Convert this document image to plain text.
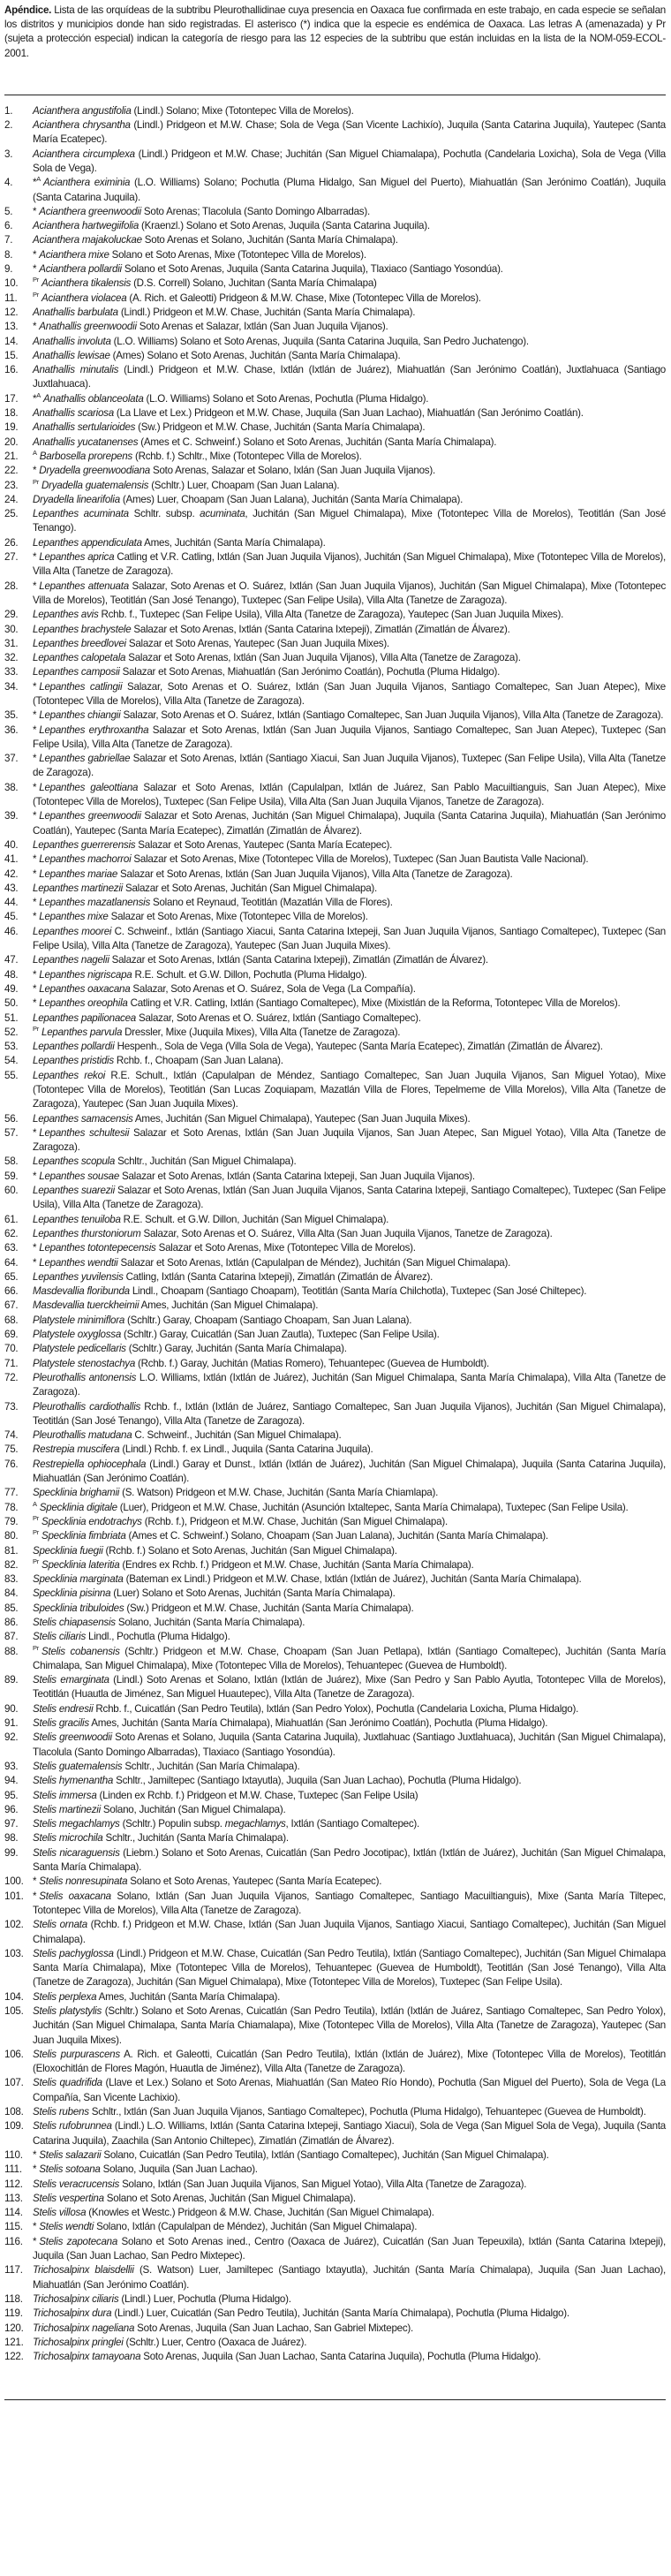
Apéndice. Lista de las orquídeas de la subtribu Pleurothallidinae cuya presencia en Oaxaca fue confirmada en este trabajo, en cada especie se señalan los distritos y municipios donde han sido registradas. El asterisco (*) indica que la especie es endémica de Oaxaca. Las letras A (amenazada) y Pr (sujeta a protección especial) indican la categoría de riesgo para las 12 especies de la subtribu que están incluidas en la lista de la NOM-059-ECOL-2001.

1.	Acianthera angustifolia (Lindl.) Solano; Mixe (Totontepec Villa de Morelos).
2.	Acianthera chrysantha (Lindl.) Pridgeon et M.W. Chase; Sola de Vega (San Vicente Lachixío), Juquila (Santa Catarina Juquila), Yautepec (Santa María Ecatepec).
3.	Acianthera circumplexa (Lindl.) Pridgeon et M.W. Chase; Juchitán (San Miguel Chiamalapa), Pochutla (Candelaria Loxicha), Sola de Vega (Villa Sola de Vega).
4.	*$^A$ Acianthera eximinia (L.O. Williams) Solano; Pochutla (Pluma Hidalgo, San Miguel del Puerto), Miahuatlán (San Jerónimo Coatlán), Juquila (Santa Catarina Juquila).
5.	* Acianthera greenwoodii Soto Arenas; Tlacolula (Santo Domingo Albarradas).
6.	Acianthera hartwegiifolia (Kraenzl.) Solano et Soto Arenas, Juquila (Santa Catarina Juquila).
7.	Acianthera majakoluckae Soto Arenas et Solano, Juchitán (Santa María Chimalapa).
8.	* Acianthera mixe Solano et Soto Arenas, Mixe (Totontepec Villa de Morelos).
9.	* Acianthera pollardii Solano et Soto Arenas, Juquila (Santa Catarina Juquila), Tlaxiaco (Santiago Yosondúa).
10.	$^{Pr}$ Acianthera tikalensis (D.S. Correll) Solano, Juchitan (Santa María Chimalapa)
11.	$^{Pr}$ Acianthera violacea (A. Rich. et Galeotti) Pridgeon & M.W. Chase, Mixe (Totontepec Villa de Morelos).
12.	Anathallis barbulata (Lindl.) Pridgeon et M.W. Chase, Juchitán (Santa María Chimalapa).
13.	* Anathallis greenwoodii Soto Arenas et Salazar, Ixtlán (San Juan Juquila Vijanos).
14.	Anathallis involuta (L.O. Williams) Solano et Soto Arenas, Juquila (Santa Catarina Juquila, San Pedro Juchatengo).
15.	Anathallis lewisae (Ames) Solano et Soto Arenas, Juchitán (Santa María Chimalapa).
16.	Anathallis minutalis (Lindl.) Pridgeon et M.W. Chase, Ixtlán (Ixtlán de Juárez), Miahuatlán (San Jerónimo Coatlán), Juxtlahuaca (Santiago Juxtlahuaca).
17.	*$^A$ Anathallis oblanceolata (L.O. Williams) Solano et Soto Arenas, Pochutla (Pluma Hidalgo).
18.	Anathallis scariosa (La Llave et Lex.) Pridgeon et M.W. Chase, Juquila (San Juan Lachao), Miahuatlán (San Jerónimo Coatlán).
19.	Anathallis sertularioides (Sw.) Pridgeon et M.W. Chase, Juchitán (Santa María Chimalapa).
20.	Anathallis yucatanenses (Ames et C. Schweinf.) Solano et Soto Arenas, Juchitán (Santa María Chimalapa).
21.	$^A$ Barbosella prorepens (Rchb. f.) Schltr., Mixe (Totontepec Villa de Morelos).
22.	* Dryadella greenwoodiana Soto Arenas, Salazar et Solano, Ixlán (San Juan Juquila Vijanos).
23.	$^{Pr}$ Dryadella guatemalensis (Schltr.) Luer, Choapam (San Juan Lalana).
24.	Dryadella linearifolia (Ames) Luer, Choapam (San Juan Lalana), Juchitán (Santa María Chimalapa).
25.	Lepanthes acuminata Schltr. subsp. acuminata, Juchitán (San Miguel Chimalapa), Mixe (Totontepec Villa de Morelos), Teotitlán (San José Tenango).
26.	Lepanthes appendiculata Ames, Juchitán (Santa María Chimalapa).
27.	* Lepanthes aprica Catling et V.R. Catling, Ixtlán (San Juan Juquila Vijanos), Juchitán (San Miguel Chimalapa), Mixe (Totontepec Villa de Morelos), Villa Alta (Tanetze de Zaragoza).
28.	* Lepanthes attenuata Salazar, Soto Arenas et O. Suárez, Ixtlán (San Juan Juquila Vijanos), Juchitán (San Miguel Chimalapa), Mixe (Totontepec Villa de Morelos), Teotitlán (San José Tenango), Tuxtepec (San Felipe Usila), Villa Alta (Tanetze de Zaragoza).
29.	Lepanthes avis Rchb. f., Tuxtepec (San Felipe Usila), Villa Alta (Tanetze de Zaragoza), Yautepec (San Juan Juquila Mixes).
30.	Lepanthes brachystele Salazar et Soto Arenas, Ixtlán (Santa Catarina Ixtepeji), Zimatlán (Zimatlán de Álvarez).
31.	Lepanthes breedlovei Salazar et Soto Arenas, Yautepec (San Juan Juquila Mixes).
32.	Lepanthes calopetala Salazar et Soto Arenas, Ixtlán (San Juan Juquila Vijanos), Villa Alta (Tanetze de Zaragoza).
33.	Lepanthes camposii Salazar et Soto Arenas, Miahuatlán (San Jerónimo Coatlán), Pochutla (Pluma Hidalgo).
34.	* Lepanthes catlingii Salazar, Soto Arenas et O. Suárez, Ixtlán (San Juan Juquila Vijanos, Santiago Comaltepec, San Juan Atepec), Mixe (Totontepec Villa de Morelos), Villa Alta (Tanetze de Zaragoza).
35.	* Lepanthes chiangii Salazar, Soto Arenas et O. Suárez, Ixtlán (Santiago Comaltepec, San Juan Juquila Vijanos), Villa Alta (Tanetze de Zaragoza).
36.	* Lepanthes erythroxantha Salazar et Soto Arenas, Ixtlán (San Juan Juquila Vijanos, Santiago Comaltepec, San Juan Atepec), Tuxtepec (San Felipe Usila), Villa Alta (Tanetze de Zaragoza).
37.	* Lepanthes gabriellae Salazar et Soto Arenas, Ixtlán (Santiago Xiacui, San Juan Juquila Vijanos), Tuxtepec (San Felipe Usila), Villa Alta (Tanetze de Zaragoza).
38.	* Lepanthes galeottiana Salazar et Soto Arenas, Ixtlán (Capulalpan, Ixtlán de Juárez, San Pablo Macuiltianguis, San Juan Atepec), Mixe (Totontepec Villa de Morelos), Tuxtepec (San Felipe Usila), Villa Alta (San Juan Juquila Vijanos, Tanetze de Zaragoza).
39.	* Lepanthes greenwoodii Salazar et Soto Arenas, Juchitán (San Miguel Chimalapa), Juquila (Santa Catarina Juquila), Miahuatlán (San Jerónimo Coatlán), Yautepec (Santa María Ecatepec), Zimatlán (Zimatlán de Álvarez).
40.	Lepanthes guerrerensis Salazar et Soto Arenas, Yautepec (Santa María Ecatepec).
41.	* Lepanthes machorroi Salazar et Soto Arenas, Mixe (Totontepec Villa de Morelos), Tuxtepec (San Juan Bautista Valle Nacional).
42.	* Lepanthes mariae Salazar et Soto Arenas, Ixtlán (San Juan Juquila Vijanos), Villa Alta (Tanetze de Zaragoza).
43.	Lepanthes martinezii Salazar et Soto Arenas, Juchitán (San Miguel Chimalapa).
44.	* Lepanthes mazatlanensis Solano et Reynaud, Teotitlán (Mazatlán Villa de Flores).
45.	* Lepanthes mixe Salazar et Soto Arenas, Mixe (Totontepec Villa de Morelos).
46.	Lepanthes moorei C. Schweinf., Ixtlán (Santiago Xiacui, Santa Catarina Ixtepeji, San Juan Juquila Vijanos, Santiago Comaltepec), Tuxtepec (San Felipe Usila), Villa Alta (Tanetze de Zaragoza), Yautepec (San Juan Juquila Mixes).
47.	Lepanthes nagelii Salazar et Soto Arenas, Ixtlán (Santa Catarina Ixtepeji), Zimatlán (Zimatlán de Álvarez).
48.	* Lepanthes nigriscapa R.E. Schult. et G.W. Dillon, Pochutla (Pluma Hidalgo).
49.	* Lepanthes oaxacana Salazar, Soto Arenas et O. Suárez, Sola de Vega (La Compañía).
50.	* Lepanthes oreophila Catling et V.R. Catling, Ixtlán (Santiago Comaltepec), Mixe (Mixistlán de la Reforma, Totontepec Villa de Morelos).
51.	Lepanthes papilionacea Salazar, Soto Arenas et O. Suárez, Ixtlán (Santiago Comaltepec).
52.	$^{Pr}$ Lepanthes parvula Dressler, Mixe (Juquila Mixes), Villa Alta (Tanetze de Zaragoza).
53.	Lepanthes pollardii Hespenh., Sola de Vega (Villa Sola de Vega), Yautepec (Santa María Ecatepec), Zimatlán (Zimatlán de Álvarez).
54.	Lepanthes pristidis Rchb. f., Choapam (San Juan Lalana).
55.	Lepanthes rekoi R.E. Schult., Ixtlán (Capulalpan de Méndez, Santiago Comaltepec, San Juan Juquila Vijanos, San Miguel Yotao), Mixe (Totontepec Villa de Morelos), Teotitlán (San Lucas Zoquiapam, Mazatlán Villa de Flores, Tepelmeme de Villa Morelos), Villa Alta (Tanetze de Zaragoza), Yautepec (San Juan Juquila Mixes).
56.	Lepanthes samacensis Ames, Juchitán (San Miguel Chimalapa), Yautepec (San Juan Juquila Mixes).
57.	* Lepanthes schultesii Salazar et Soto Arenas, Ixtlán (San Juan Juquila Vijanos, San Juan Atepec, San Miguel Yotao), Villa Alta (Tanetze de Zaragoza).
58.	Lepanthes scopula Schltr., Juchitán (San Miguel Chimalapa).
59.	* Lepanthes sousae Salazar et Soto Arenas, Ixtlán (Santa Catarina Ixtepeji, San Juan Juquila Vijanos).
60.	Lepanthes suarezii Salazar et Soto Arenas, Ixtlán (San Juan Juquila Vijanos, Santa Catarina Ixtepeji, Santiago Comaltepec), Tuxtepec (San Felipe Usila), Villa Alta (Tanetze de Zaragoza).
61.	Lepanthes tenuiloba R.E. Schult. et G.W. Dillon, Juchitán (San Miguel Chimalapa).
62.	Lepanthes thurstoniorum Salazar, Soto Arenas et O. Suárez, Villa Alta (San Juan Juquila Vijanos, Tanetze de Zaragoza).
63.	* Lepanthes totontepecensis Salazar et Soto Arenas, Mixe (Totontepec Villa de Morelos).
64.	* Lepanthes wendtii Salazar et Soto Arenas, Ixtlán (Capulalpan de Méndez), Juchitán (San Miguel Chimalapa).
65.	Lepanthes yuvilensis Catling, Ixtlán (Santa Catarina Ixtepeji), Zimatlán (Zimatlán de Álvarez).
66.	Masdevallia floribunda Lindl., Choapam (Santiago Choapam), Teotitlán (Santa María Chilchotla), Tuxtepec (San José Chiltepec).
67.	Masdevallia tuerckheimii Ames, Juchitán (San Miguel Chimalapa).
68.	Platystele minimiflora (Schltr.) Garay, Choapam (Santiago Choapam, San Juan Lalana).
69.	Platystele oxyglossa (Schltr.) Garay, Cuicatlán (San Juan Zautla), Tuxtepec (San Felipe Usila).
70.	Platystele pedicellaris (Schltr.) Garay, Juchitán (Santa María Chimalapa).
71.	Platystele stenostachya (Rchb. f.) Garay, Juchitán (Matias Romero), Tehuantepec (Guevea de Humboldt).
72.	Pleurothallis antonensis L.O. Williams, Ixtlán (Ixtlán de Juárez), Juchitán (San Miguel Chimalapa, Santa María Chimalapa), Villa Alta (Tanetze de Zaragoza).
73.	Pleurothallis cardiothallis Rchb. f., Ixtlán (Ixtlán de Juárez, Santiago Comaltepec, San Juan Juquila Vijanos), Juchitán (San Miguel Chimalapa), Teotitlán (San José Tenango), Villa Alta (Tanetze de Zaragoza).
74.	Pleurothallis matudana C. Schweinf., Juchitán (San Miguel Chimalapa).
75.	Restrepia muscifera (Lindl.) Rchb. f. ex Lindl., Juquila (Santa Catarina Juquila).
76.	Restrepiella ophiocephala (Lindl.) Garay et Dunst., Ixtlán (Ixtlán de Juárez), Juchitán (San Miguel Chimalapa), Juquila (Santa Catarina Juquila), Miahuatlán (San Jerónimo Coatlán).
77.	Specklinia brighamii (S. Watson) Pridgeon et M.W. Chase, Juchitán (Santa María Chiamlapa).
78.	$^A$ Specklinia digitale (Luer), Pridgeon et M.W. Chase, Juchitán (Asunción Ixtaltepec, Santa María Chimalapa), Tuxtepec (San Felipe Usila).
79.	$^{Pr}$ Specklinia endotrachys (Rchb. f.), Pridgeon et M.W. Chase, Juchitán (San Miguel Chimalapa).
80.	$^{Pr}$ Specklinia fimbriata (Ames et C. Schweinf.) Solano, Choapam (San Juan Lalana), Juchitán (Santa María Chimalapa).
81.	Specklinia fuegii (Rchb. f.) Solano et Soto Arenas, Juchitán (San Miguel Chimalapa).
82.	$^{Pr}$ Specklinia lateritia (Endres ex Rchb. f.) Pridgeon et M.W. Chase, Juchitán (Santa María Chimalapa).
83.	Specklinia marginata (Bateman ex Lindl.) Pridgeon et M.W. Chase, Ixtlán (Ixtlán de Juárez), Juchitán (Santa María Chimalapa).
84.	Specklinia pisinna (Luer) Solano et Soto Arenas, Juchitán (Santa María Chimalapa).
85.	Specklinia tribuloides (Sw.) Pridgeon et M.W. Chase, Juchitán (Santa María Chimalapa).
86.	Stelis chiapasensis Solano, Juchitán (Santa María Chimalapa).
87.	Stelis ciliaris Lindl., Pochutla (Pluma Hidalgo).
88.	$^{Pr}$ Stelis cobanensis (Schltr.) Pridgeon et M.W. Chase, Choapam (San Juan Petlapa), Ixtlán (Santiago Comaltepec), Juchitán (Santa María Chimalapa, San Miguel Chimalapa), Mixe (Totontepec Villa de Morelos), Tehuantepec (Guevea de Humboldt).
89.	Stelis emarginata (Lindl.) Soto Arenas et Solano, Ixtlán (Ixtlán de Juárez), Mixe (San Pedro y San Pablo Ayutla, Totontepec Villa de Morelos), Teotitlán (Huautla de Jiménez, San Miguel Huautepec), Villa Alta (Tanetze de Zaragoza).
90.	Stelis endresii Rchb. f., Cuicatlán (San Pedro Teutila), Ixtlán (San Pedro Yolox), Pochutla (Candelaria Loxicha, Pluma Hidalgo).
91.	Stelis gracilis Ames, Juchitán (Santa María Chimalapa), Miahuatlán (San Jerónimo Coatlán), Pochutla (Pluma Hidalgo).
92.	Stelis greenwoodii Soto Arenas et Solano, Juquila (Santa Catarina Juquila), Juxtlahuac (Santiago Juxtlahuaca), Juchitán (San Miguel Chimalapa), Tlacolula (Santo Domingo Albarradas), Tlaxiaco (Santiago Yosondúa).
93.	Stelis guatemalensis Schltr., Juchitán (San María Chimalapa).
94.	Stelis hymenantha Schltr., Jamiltepec (Santiago Ixtayutla), Juquila (San Juan Lachao), Pochutla (Pluma Hidalgo).
95.	Stelis immersa (Linden ex Rchb. f.) Pridgeon et M.W. Chase, Tuxtepec (San Felipe Usila)
96.	Stelis martinezii Solano, Juchitán (San Miguel Chimalapa).
97.	Stelis megachlamys (Schltr.) Populin subsp. megachlamys, Ixtlán (Santiago Comaltepec).
98.	Stelis microchila Schltr., Juchitán (Santa María Chimalapa).
99.	Stelis nicaraguensis (Liebm.) Solano et Soto Arenas, Cuicatlán (San Pedro Jocotipac), Ixtlán (Ixtlán de Juárez), Juchitán (San Miguel Chimalapa, Santa María Chimalapa).
100. * Stelis nonresupinata Solano et Soto Arenas, Yautepec (Santa María Ecatepec).
101. * Stelis oaxacana Solano, Ixtlán (San Juan Juquila Vijanos, Santiago Comaltepec, Santiago Macuiltianguis), Mixe (Santa María Tiltepec, Totontepec Villa de Morelos), Villa Alta (Tanetze de Zaragoza).
102. Stelis ornata (Rchb. f.) Pridgeon et M.W. Chase, Ixtlán (San Juan Juquila Vijanos, Santiago Xiacui, Santiago Comaltepec), Juchitán (San Miguel Chimalapa).
103. Stelis pachyglossa (Lindl.) Pridgeon et M.W. Chase, Cuicatlán (San Pedro Teutila), Ixtlán (Santiago Comaltepec), Juchitán (San Miguel Chimalapa Santa María Chimalapa), Mixe (Totontepec Villa de Morelos), Tehuantepec (Guevea de Humboldt), Teotitlán (San José Tenango), Villa Alta (Tanetze de Zaragoza), Juchitán (San Miguel Chimalapa), Mixe (Totontepec Villa de Morelos), Tuxtepec (San Felipe Usila).
104. Stelis perplexa Ames, Juchitán (Santa María Chimalapa).
105. Stelis platystylis (Schltr.) Solano et Soto Arenas, Cuicatlán (San Pedro Teutila), Ixtlán (Ixtlán de Juárez, Santiago Comaltepec, San Pedro Yolox), Juchitán (San Miguel Chimalapa, Santa María Chiamalapa), Mixe (Totontepec Villa de Morelos), Villa Alta (Tanetze de Zaragoza), Yautepec (San Juan Juquila Mixes).
106. Stelis purpurascens A. Rich. et Galeotti, Cuicatlán (San Pedro Teutila), Ixtlán (Ixtlán de Juárez), Mixe (Totontepec Villa de Morelos), Teotitlán (Eloxochitlán de Flores Magón, Huautla de Jiménez), Villa Alta (Tanetze de Zaragoza).
107. Stelis quadrifida (Llave et Lex.) Solano et Soto Arenas, Miahuatlán (San Mateo Río Hondo), Pochutla (San Miguel del Puerto), Sola de Vega (La Compañía, San Vicente Lachixio).
108. Stelis rubens Schltr., Ixtlán (San Juan Juquila Vijanos, Santiago Comaltepec), Pochutla (Pluma Hidalgo), Tehuantepec (Guevea de Humboldt).
109. Stelis rufobrunnea (Lindl.) L.O. Williams, Ixtlán (Santa Catarina Ixtepeji, Santiago Xiacui), Sola de Vega (San Miguel Sola de Vega), Juquila (Santa Catarina Juquila), Zaachila (San Antonio Chiltepec), Zimatlán (Zimatlán de Álvarez).
110. * Stelis salazarii Solano, Cuicatlán (San Pedro Teutila), Ixtlán (Santiago Comaltepec), Juchitán (San Miguel Chimalapa).
111.	* Stelis sotoana Solano, Juquila (San Juan Lachao).
112. Stelis veracrucensis Solano, Ixtlán (San Juan Juquila Vijanos, San Miguel Yotao), Villa Alta (Tanetze de Zaragoza).
113. Stelis vespertina Solano et Soto Arenas, Juchitán (San Miguel Chimalapa).
114. Stelis villosa (Knowles et Westc.) Pridgeon & M.W. Chase, Juchitán (San Miguel Chimalapa).
115. * Stelis wendti Solano, Ixtlán (Capulalpan de Méndez), Juchitán (San Miguel Chimalapa).
116. * Stelis zapotecana Solano et Soto Arenas ined., Centro (Oaxaca de Juárez), Cuicatlán (San Juan Tepeuxila), Ixtlán (Santa Catarina Ixtepeji), Juquila (San Juan Lachao, San Pedro Mixtepec).
117. Trichosalpinx blaisdellii (S. Watson) Luer, Jamiltepec (Santiago Ixtayutla), Juchitán (Santa María Chimalapa), Juquila (San Juan Lachao), Miahuatlán (San Jerónimo Coatlán).
118. Trichosalpinx ciliaris (Lindl.) Luer, Pochutla (Pluma Hidalgo).
119. Trichosalpinx dura (Lindl.) Luer, Cuicatlán (San Pedro Teutila), Juchitán (Santa María Chimalapa), Pochutla (Pluma Hidalgo).
120. Trichosalpinx nageliana Soto Arenas, Juquila (San Juan Lachao, San Gabriel Mixtepec).
121. Trichosalpinx pringlei (Schltr.) Luer, Centro (Oaxaca de Juárez).
122. Trichosalpinx tamayoana Soto Arenas, Juquila (San Juan Lachao, Santa Catarina Juquila), Pochutla (Pluma Hidalgo).
